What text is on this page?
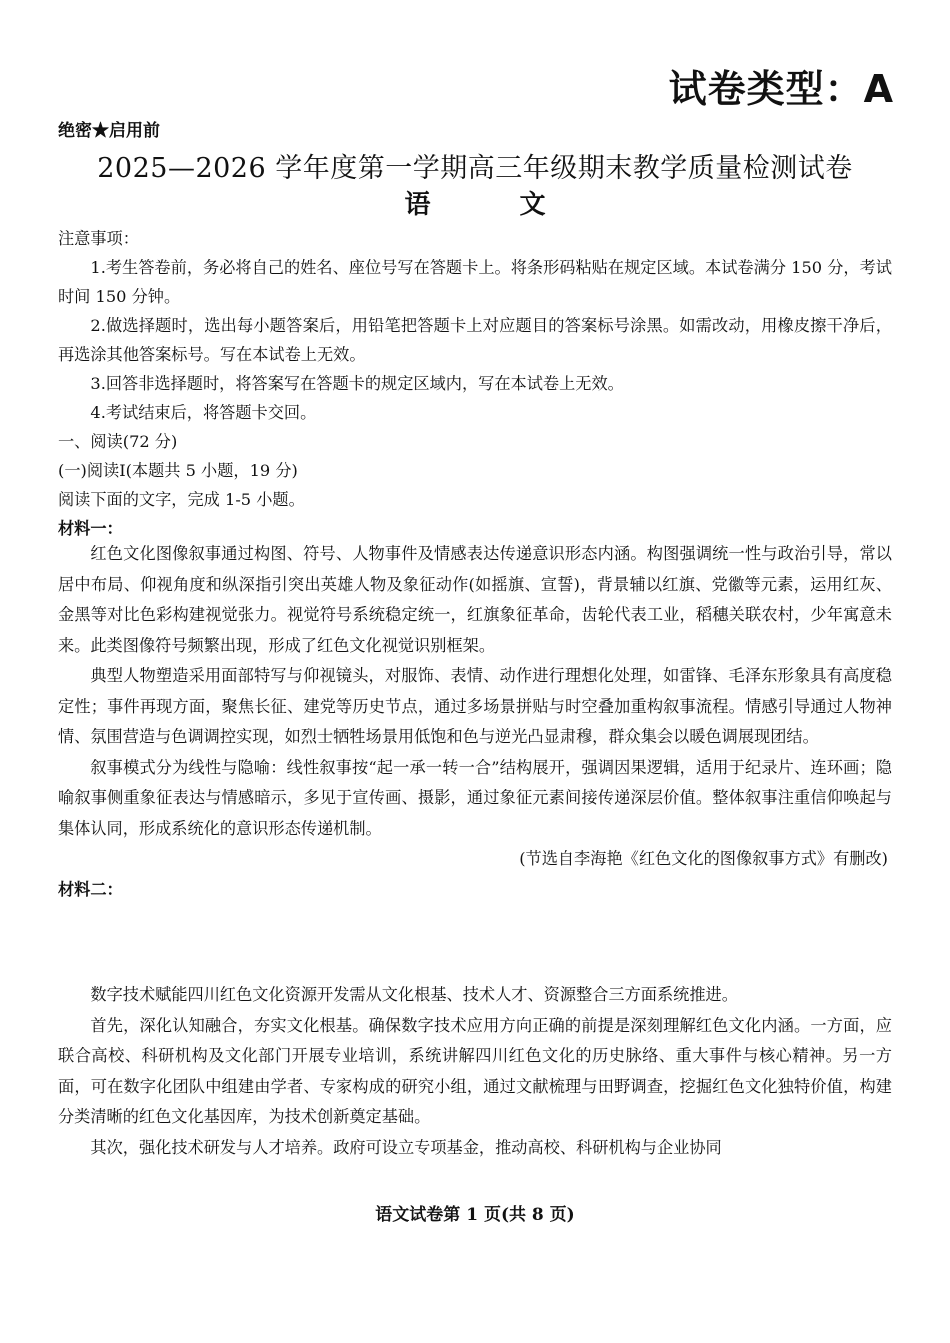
试卷类型：A
绝密★启用前
2025—2026 学年度第一学期高三年级期末教学质量检测试卷
语 文

注意事项：

1.考生答卷前，务必将自己的姓名、座位号写在答题卡上。将条形码粘贴在规定区域。本试卷满分 150 分，考试时间 150 分钟。

2.做选择题时，选出每小题答案后，用铅笔把答题卡上对应题目的答案标号涂黑。如需改动，用橡皮擦干净后，再选涂其他答案标号。写在本试卷上无效。

3.回答非选择题时，将答案写在答题卡的规定区域内，写在本试卷上无效。

4.考试结束后，将答题卡交回。

一、阅读(72 分)

(一)阅读Ⅰ(本题共 5 小题，19 分)

阅读下面的文字，完成 1-5 小题。

材料一：

红色文化图像叙事通过构图、符号、人物事件及情感表达传递意识形态内涵。构图强调统一性与政治引导，常以居中布局、仰视角度和纵深指引突出英雄人物及象征动作(如摇旗、宣誓)，背景辅以红旗、党徽等元素，运用红灰、金黑等对比色彩构建视觉张力。视觉符号系统稳定统一，红旗象征革命，齿轮代表工业，稻穗关联农村，少年寓意未来。此类图像符号频繁出现，形成了红色文化视觉识别框架。

典型人物塑造采用面部特写与仰视镜头，对服饰、表情、动作进行理想化处理，如雷锋、毛泽东形象具有高度稳定性；事件再现方面，聚焦长征、建党等历史节点，通过多场景拼贴与时空叠加重构叙事流程。情感引导通过人物神情、氛围营造与色调调控实现，如烈士牺牲场景用低饱和色与逆光凸显肃穆，群众集会以暖色调展现团结。

叙事模式分为线性与隐喻：线性叙事按“起一承一转一合”结构展开，强调因果逻辑，适用于纪录片、连环画；隐喻叙事侧重象征表达与情感暗示，多见于宣传画、摄影，通过象征元素间接传递深层价值。整体叙事注重信仰唤起与集体认同，形成系统化的意识形态传递机制。

(节选自李海艳《红色文化的图像叙事方式》有删改)

材料二：

数字技术赋能四川红色文化资源开发需从文化根基、技术人才、资源整合三方面系统推进。

首先，深化认知融合，夯实文化根基。确保数字技术应用方向正确的前提是深刻理解红色文化内涵。一方面，应联合高校、科研机构及文化部门开展专业培训，系统讲解四川红色文化的历史脉络、重大事件与核心精神。另一方面，可在数字化团队中组建由学者、专家构成的研究小组，通过文献梳理与田野调查，挖掘红色文化独特价值，构建分类清晰的红色文化基因库，为技术创新奠定基础。

其次，强化技术研发与人才培养。政府可设立专项基金，推动高校、科研机构与企业协同

语文试卷第 1 页(共 8 页)
